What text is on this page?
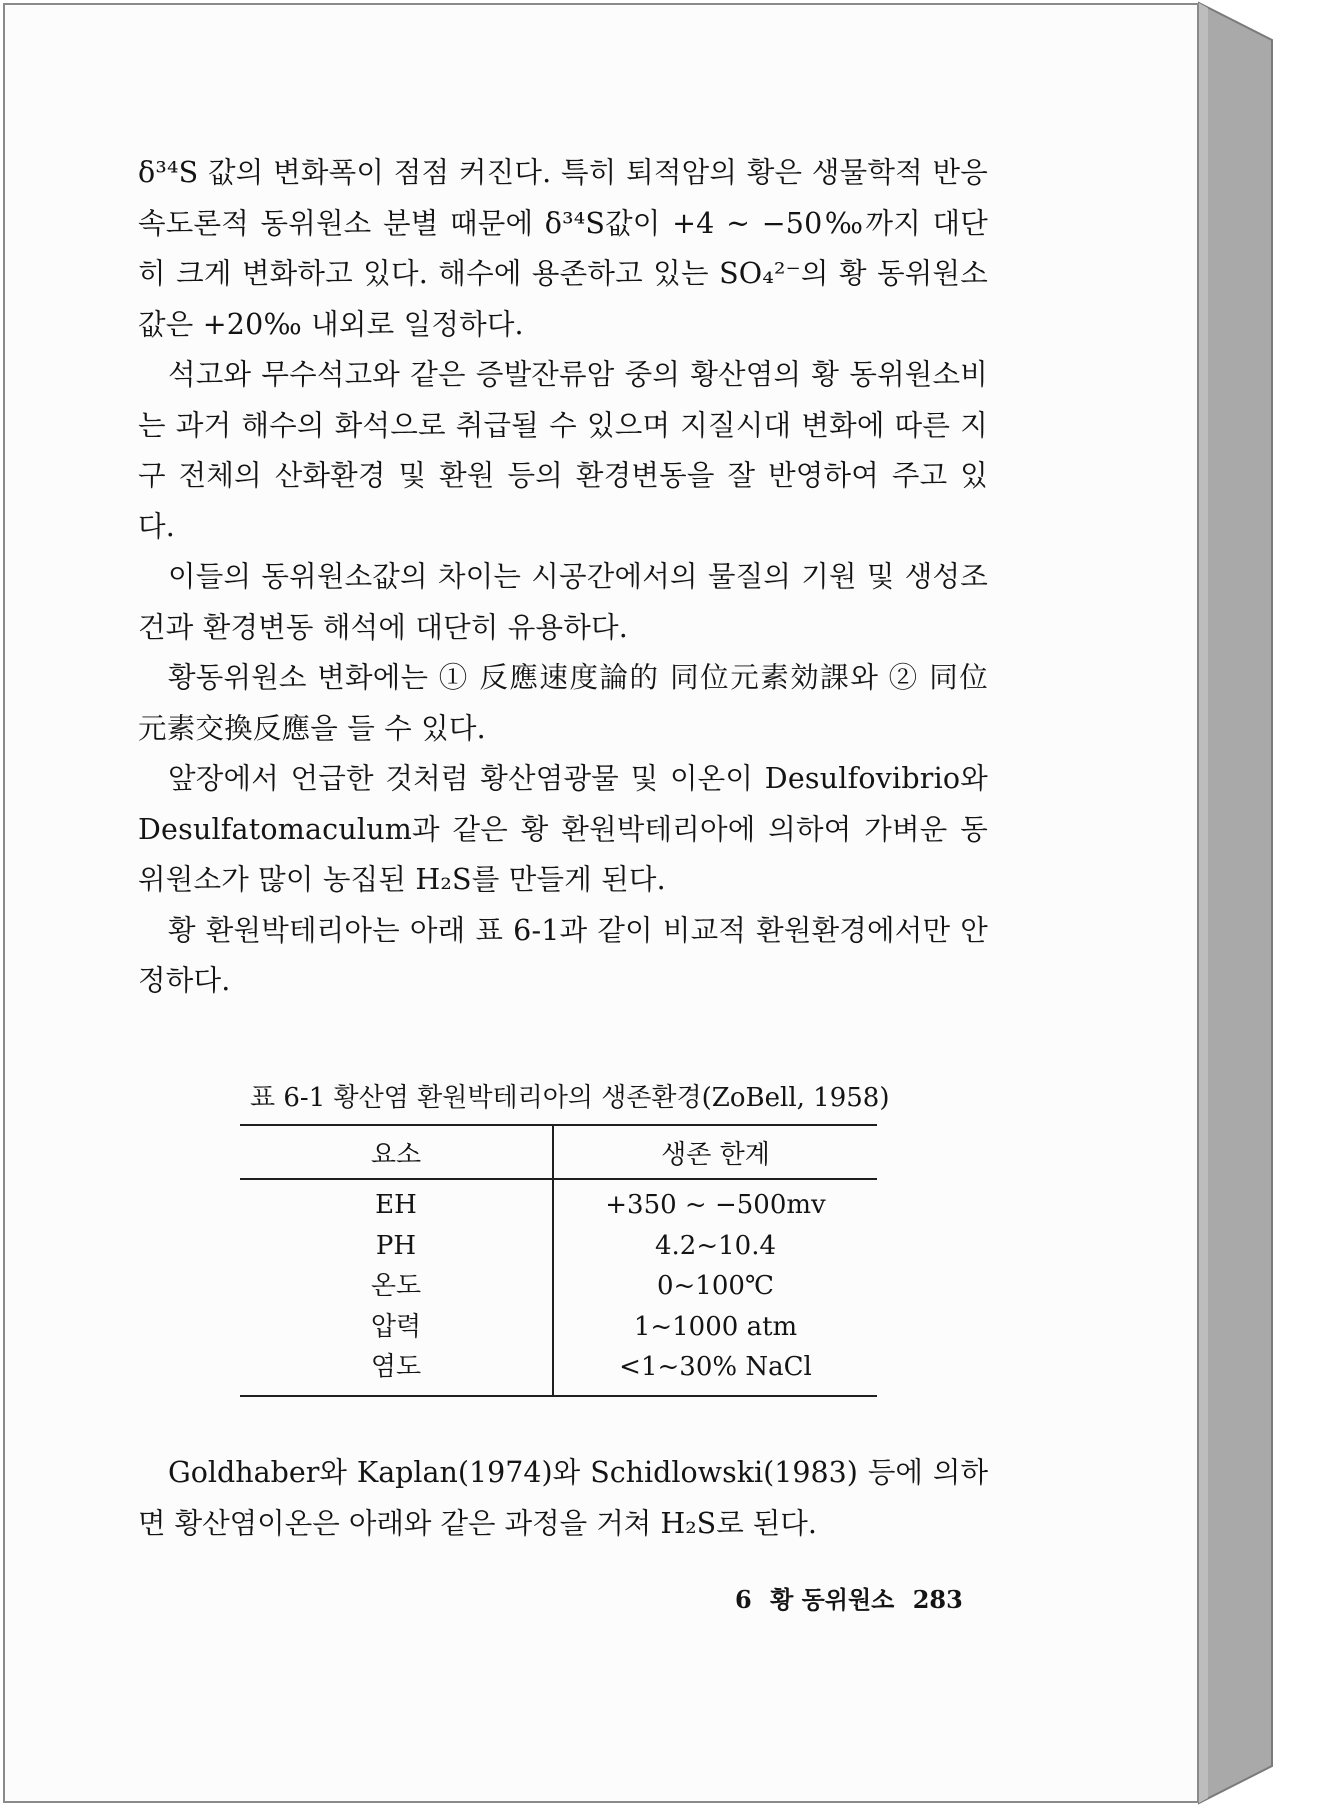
δ³⁴S 값의 변화폭이 점점 커진다. 특히 퇴적암의 황은 생물학적 반응속도론적 동위원소 분별 때문에 δ³⁴S값이 +4 ~ −50‰까지 대단히 크게 변화하고 있다. 해수에 용존하고 있는 SO₄²⁻의 황 동위원소값은 +20‰ 내외로 일정하다.

석고와 무수석고와 같은 증발잔류암 중의 황산염의 황 동위원소비는 과거 해수의 화석으로 취급될 수 있으며 지질시대 변화에 따른 지구 전체의 산화환경 및 환원 등의 환경변동을 잘 반영하여 주고 있다.

이들의 동위원소값의 차이는 시공간에서의 물질의 기원 및 생성조건과 환경변동 해석에 대단히 유용하다.

황동위원소 변화에는 ① 反應速度論的 同位元素効課와 ② 同位元素交換反應을 들 수 있다.

앞장에서 언급한 것처럼 황산염광물 및 이온이 Desulfovibrio와 Desulfatomaculum과 같은 황 환원박테리아에 의하여 가벼운 동위원소가 많이 농집된 H₂S를 만들게 된다.

황 환원박테리아는 아래 표 6-1과 같이 비교적 환원환경에서만 안정하다.

표 6-1 황산염 환원박테리아의 생존환경(ZoBell, 1958)
요소	생존 한계
EH	+350 ~ −500mv
PH	4.2~10.4
온도	0~100℃
압력	1~1000 atm
염도	<1~30% NaCl

Goldhaber와 Kaplan(1974)와 Schidlowski(1983) 등에 의하면 황산염이온은 아래와 같은 과정을 거쳐 H₂S로 된다.

6 황 동위원소 283
